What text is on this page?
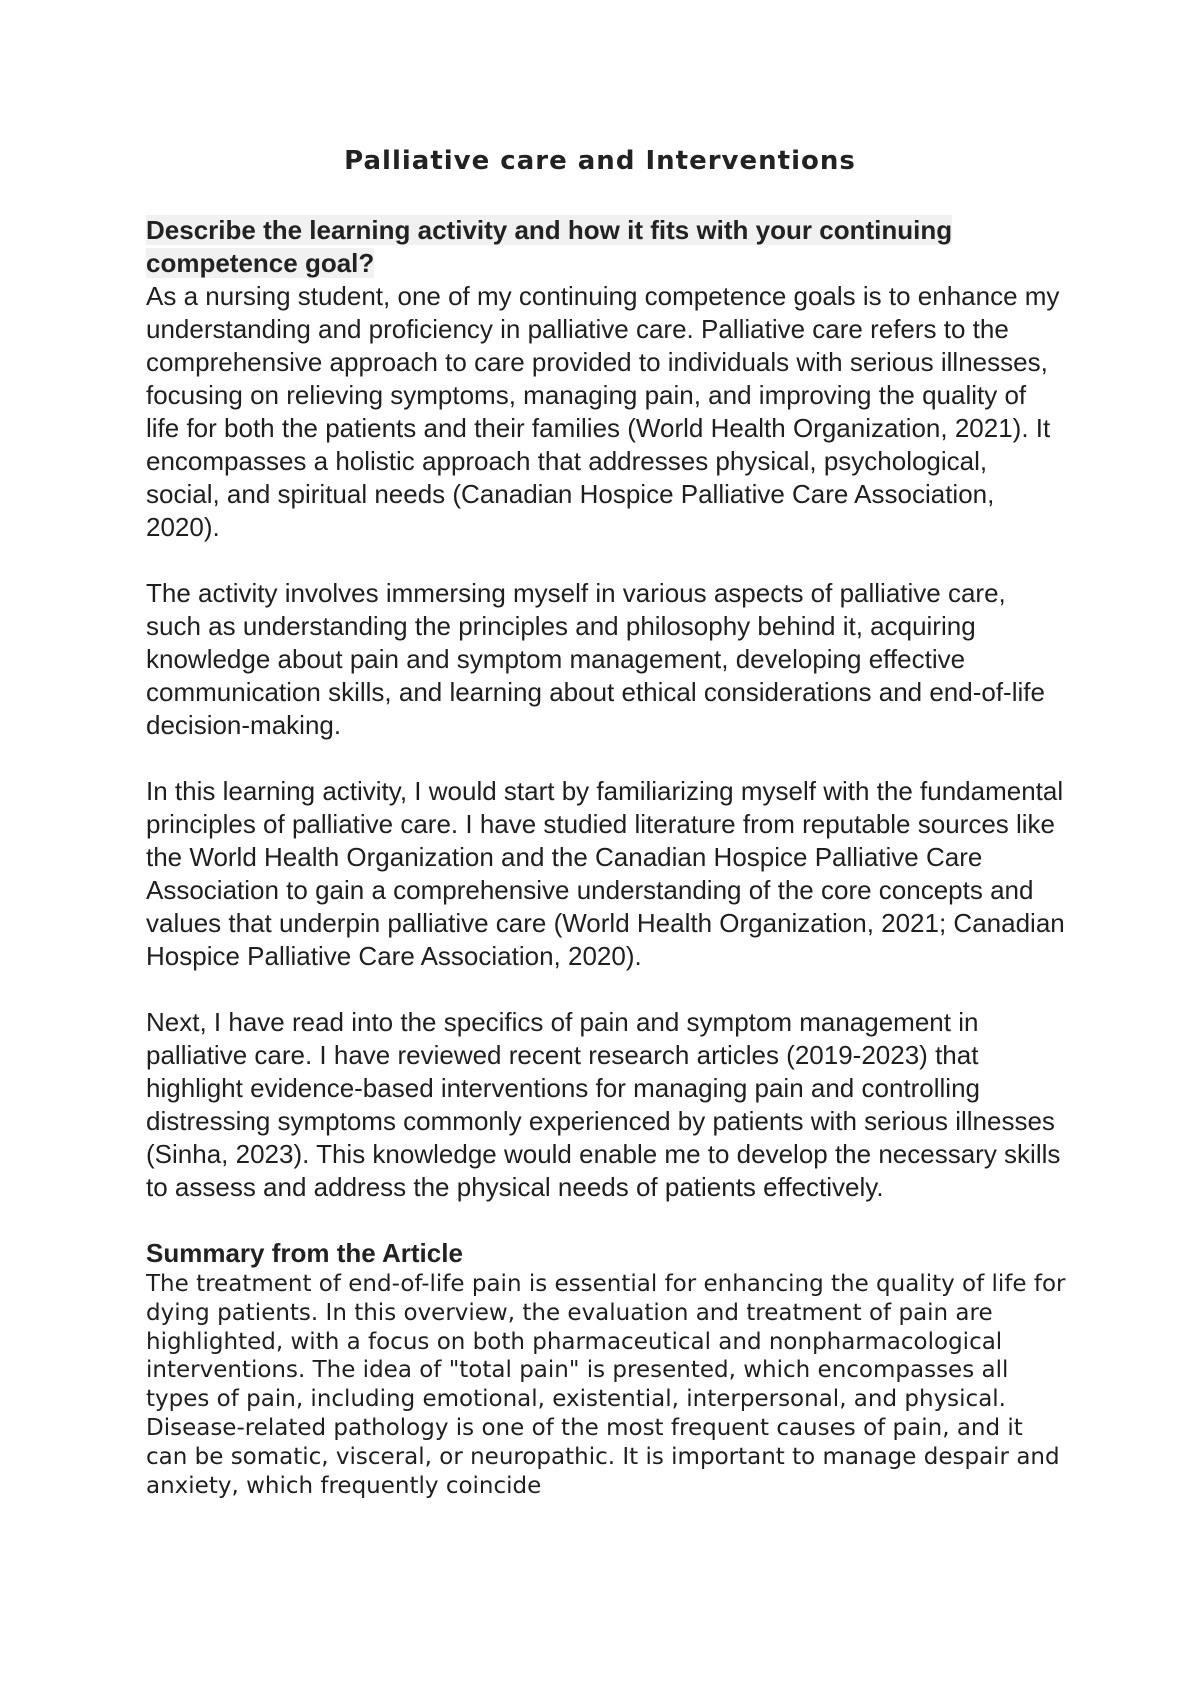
Palliative care and Interventions

Describe the learning activity and how it fits with your continuing competence goal?

As a nursing student, one of my continuing competence goals is to enhance my understanding and proficiency in palliative care. Palliative care refers to the comprehensive approach to care provided to individuals with serious illnesses, focusing on relieving symptoms, managing pain, and improving the quality of life for both the patients and their families (World Health Organization, 2021). It encompasses a holistic approach that addresses physical, psychological, social, and spiritual needs (Canadian Hospice Palliative Care Association, 2020).

The activity involves immersing myself in various aspects of palliative care, such as understanding the principles and philosophy behind it, acquiring knowledge about pain and symptom management, developing effective communication skills, and learning about ethical considerations and end-of-life decision-making.

In this learning activity, I would start by familiarizing myself with the fundamental principles of palliative care. I have studied literature from reputable sources like the World Health Organization and the Canadian Hospice Palliative Care Association to gain a comprehensive understanding of the core concepts and values that underpin palliative care (World Health Organization, 2021; Canadian Hospice Palliative Care Association, 2020).

Next, I have read into the specifics of pain and symptom management in palliative care. I have reviewed recent research articles (2019-2023) that highlight evidence-based interventions for managing pain and controlling distressing symptoms commonly experienced by patients with serious illnesses (Sinha, 2023). This knowledge would enable me to develop the necessary skills to assess and address the physical needs of patients effectively.

Summary from the Article

The treatment of end-of-life pain is essential for enhancing the quality of life for dying patients. In this overview, the evaluation and treatment of pain are highlighted, with a focus on both pharmaceutical and nonpharmacological interventions. The idea of "total pain" is presented, which encompasses all types of pain, including emotional, existential, interpersonal, and physical. Disease-related pathology is one of the most frequent causes of pain, and it can be somatic, visceral, or neuropathic. It is important to manage despair and anxiety, which frequently coincide
